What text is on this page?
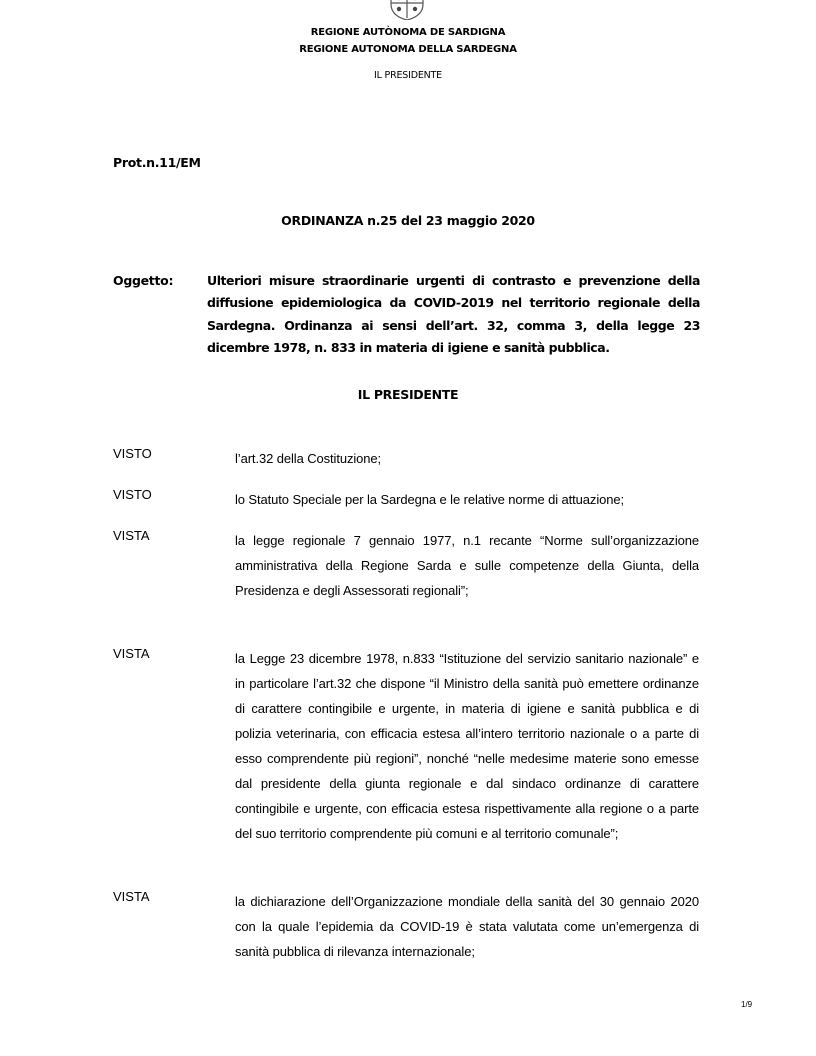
REGIONE AUTÒNOMA DE SARDIGNA
REGIONE AUTONOMA DELLA SARDEGNA
IL PRESIDENTE
Prot.n.11/EM
ORDINANZA n.25 del 23 maggio 2020
Oggetto:	Ulteriori misure straordinarie urgenti di contrasto e prevenzione della diffusione epidemiologica da COVID-2019 nel territorio regionale della Sardegna. Ordinanza ai sensi dell’art. 32, comma 3, della legge 23 dicembre 1978, n. 833 in materia di igiene e sanità pubblica.
IL PRESIDENTE
VISTO	l’art.32 della Costituzione;
VISTO	lo Statuto Speciale per la Sardegna e le relative norme di attuazione;
VISTA	la legge regionale 7 gennaio 1977, n.1 recante “Norme sull’organizzazione amministrativa della Regione Sarda e sulle competenze della Giunta, della Presidenza e degli Assessorati regionali”;
VISTA	la Legge 23 dicembre 1978, n.833 “Istituzione del servizio sanitario nazionale” e in particolare l’art.32 che dispone “il Ministro della sanità può emettere ordinanze di carattere contingibile e urgente, in materia di igiene e sanità pubblica e di polizia veterinaria, con efficacia estesa all’intero territorio nazionale o a parte di esso comprendente più regioni”, nonché “nelle medesime materie sono emesse dal presidente della giunta regionale e dal sindaco ordinanze di carattere contingibile e urgente, con efficacia estesa rispettivamente alla regione o a parte del suo territorio comprendente più comuni e al territorio comunale”;
VISTA	la dichiarazione dell’Organizzazione mondiale della sanità del 30 gennaio 2020 con la quale l’epidemia da COVID-19 è stata valutata come un’emergenza di sanità pubblica di rilevanza internazionale;
1/9
